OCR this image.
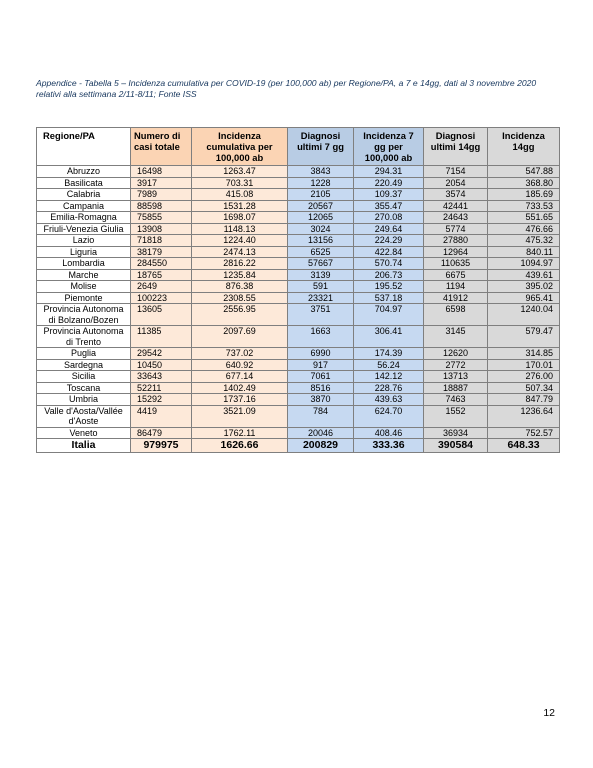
Appendice - Tabella 5 – Incidenza cumulativa per COVID-19 (per 100,000 ab) per Regione/PA, a 7 e 14gg, dati al 3 novembre 2020 relativi alla settimana 2/11-8/11; Fonte ISS
Regione/PA	Numero di casi totale	Incidenza cumulativa per 100,000 ab	Diagnosi ultimi 7 gg	Incidenza 7 gg per 100,000 ab	Diagnosi ultimi 14gg	Incidenza 14gg
Abruzzo	16498	1263.47	3843	294.31	7154	547.88
Basilicata	3917	703.31	1228	220.49	2054	368.80
Calabria	7989	415.08	2105	109.37	3574	185.69
Campania	88598	1531.28	20567	355.47	42441	733.53
Emilia-Romagna	75855	1698.07	12065	270.08	24643	551.65
Friuli-Venezia Giulia	13908	1148.13	3024	249.64	5774	476.66
Lazio	71818	1224.40	13156	224.29	27880	475.32
Liguria	38179	2474.13	6525	422.84	12964	840.11
Lombardia	284550	2816.22	57667	570.74	110635	1094.97
Marche	18765	1235.84	3139	206.73	6675	439.61
Molise	2649	876.38	591	195.52	1194	395.02
Piemonte	100223	2308.55	23321	537.18	41912	965.41
Provincia Autonoma di Bolzano/Bozen	13605	2556.95	3751	704.97	6598	1240.04
Provincia Autonoma di Trento	11385	2097.69	1663	306.41	3145	579.47
Puglia	29542	737.02	6990	174.39	12620	314.85
Sardegna	10450	640.92	917	56.24	2772	170.01
Sicilia	33643	677.14	7061	142.12	13713	276.00
Toscana	52211	1402.49	8516	228.76	18887	507.34
Umbria	15292	1737.16	3870	439.63	7463	847.79
Valle d'Aosta/Vallée d'Aoste	4419	3521.09	784	624.70	1552	1236.64
Veneto	86479	1762.11	20046	408.46	36934	752.57
Italia	979975	1626.66	200829	333.36	390584	648.33
12
